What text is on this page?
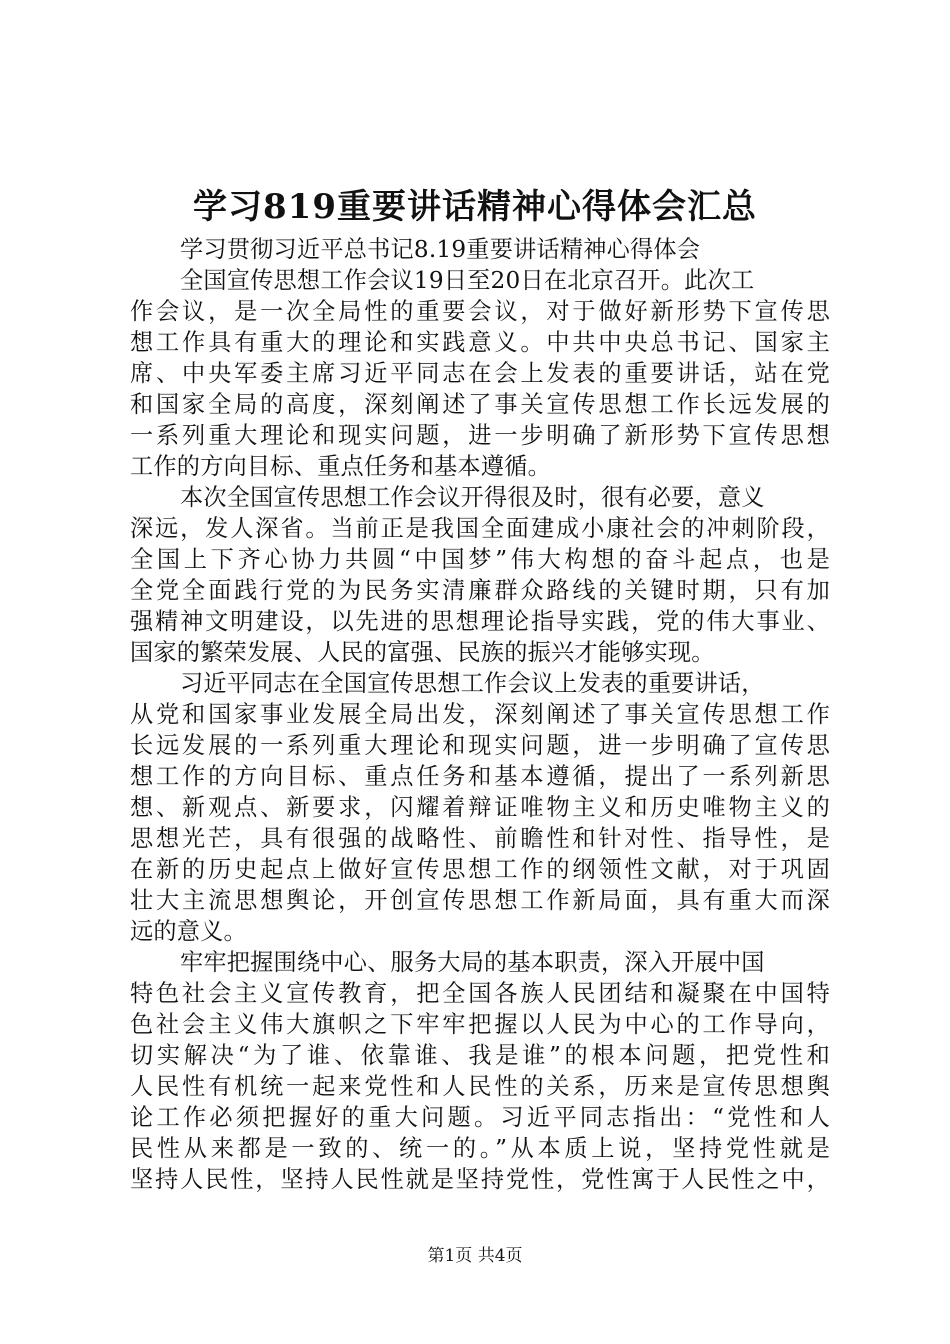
学习819重要讲话精神心得体会汇总
学习贯彻习近平总书记8.19重要讲话精神心得体会
全国宣传思想工作会议19日至20日在北京召开。此次工
作会议，是一次全局性的重要会议，对于做好新形势下宣传思
想工作具有重大的理论和实践意义。中共中央总书记、国家主
席、中央军委主席习近平同志在会上发表的重要讲话，站在党
和国家全局的高度，深刻阐述了事关宣传思想工作长远发展的
一系列重大理论和现实问题，进一步明确了新形势下宣传思想
工作的方向目标、重点任务和基本遵循。
本次全国宣传思想工作会议开得很及时，很有必要，意义
深远，发人深省。当前正是我国全面建成小康社会的冲刺阶段，
全国上下齐心协力共圆“中国梦”伟大构想的奋斗起点，也是
全党全面践行党的为民务实清廉群众路线的关键时期，只有加
强精神文明建设，以先进的思想理论指导实践，党的伟大事业、
国家的繁荣发展、人民的富强、民族的振兴才能够实现。
习近平同志在全国宣传思想工作会议上发表的重要讲话，
从党和国家事业发展全局出发，深刻阐述了事关宣传思想工作
长远发展的一系列重大理论和现实问题，进一步明确了宣传思
想工作的方向目标、重点任务和基本遵循，提出了一系列新思
想、新观点、新要求，闪耀着辩证唯物主义和历史唯物主义的
思想光芒，具有很强的战略性、前瞻性和针对性、指导性，是
在新的历史起点上做好宣传思想工作的纲领性文献，对于巩固
壮大主流思想舆论，开创宣传思想工作新局面，具有重大而深
远的意义。
牢牢把握围绕中心、服务大局的基本职责，深入开展中国
特色社会主义宣传教育，把全国各族人民团结和凝聚在中国特
色社会主义伟大旗帜之下牢牢把握以人民为中心的工作导向，
切实解决“为了谁、依靠谁、我是谁”的根本问题，把党性和
人民性有机统一起来党性和人民性的关系，历来是宣传思想舆
论工作必须把握好的重大问题。习近平同志指出：“党性和人
民性从来都是一致的、统一的。”从本质上说，坚持党性就是
坚持人民性，坚持人民性就是坚持党性，党性寓于人民性之中，
第1页 共4页
